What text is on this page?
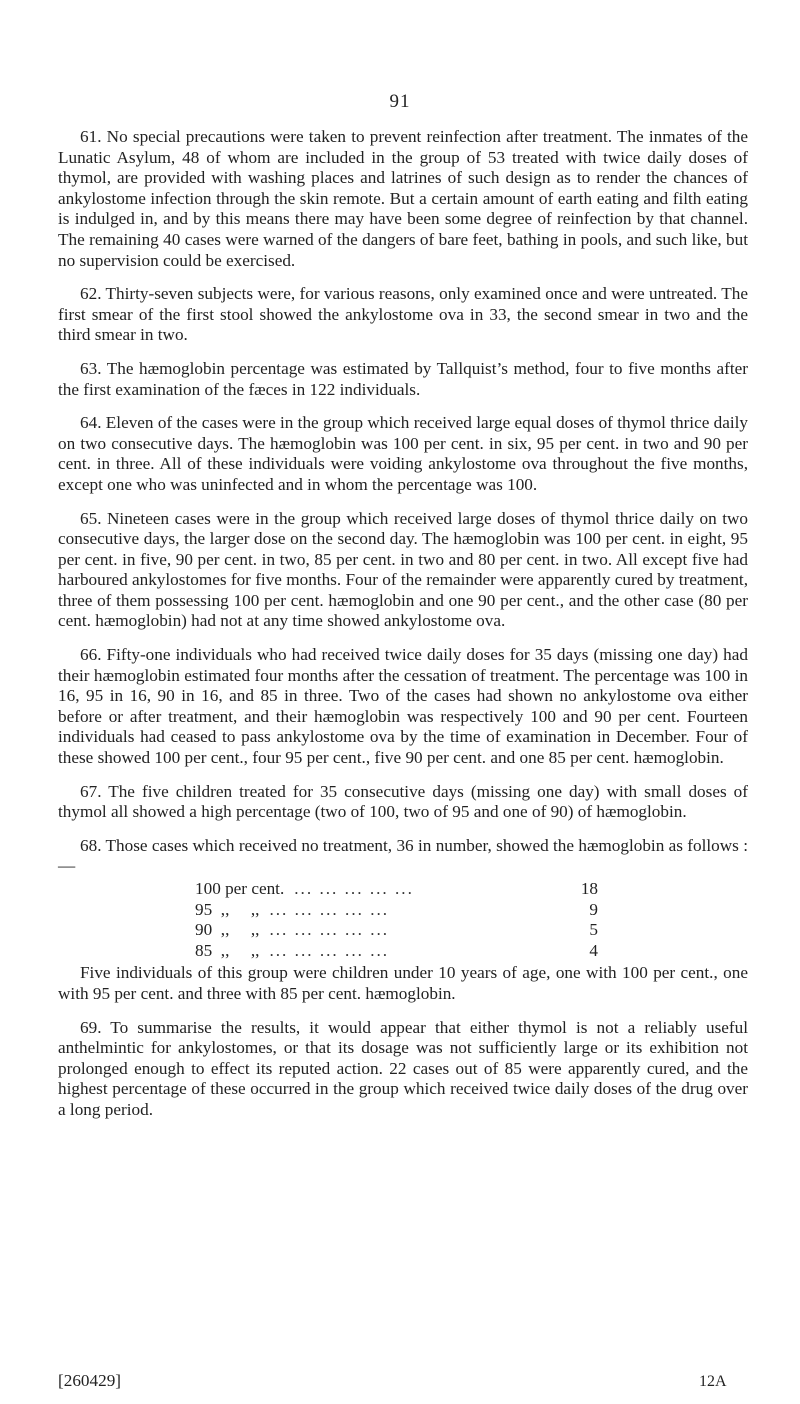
91

61. No special precautions were taken to prevent reinfection after treatment. The inmates of the Lunatic Asylum, 48 of whom are included in the group of 53 treated with twice daily doses of thymol, are provided with washing places and latrines of such design as to render the chances of ankylostome infection through the skin remote. But a certain amount of earth eating and filth eating is indulged in, and by this means there may have been some degree of reinfection by that channel. The remaining 40 cases were warned of the dangers of bare feet, bathing in pools, and such like, but no supervision could be exercised.

62. Thirty-seven subjects were, for various reasons, only examined once and were untreated. The first smear of the first stool showed the ankylostome ova in 33, the second smear in two and the third smear in two.

63. The hæmoglobin percentage was estimated by Tallquist’s method, four to five months after the first examination of the fæces in 122 individuals.

64. Eleven of the cases were in the group which received large equal doses of thymol thrice daily on two consecutive days. The hæmoglobin was 100 per cent. in six, 95 per cent. in two and 90 per cent. in three. All of these individuals were voiding ankylostome ova throughout the five months, except one who was uninfected and in whom the percentage was 100.

65. Nineteen cases were in the group which received large doses of thymol thrice daily on two consecutive days, the larger dose on the second day. The hæmoglobin was 100 per cent. in eight, 95 per cent. in five, 90 per cent. in two, 85 per cent. in two and 80 per cent. in two. All except five had harboured ankylostomes for five months. Four of the remainder were apparently cured by treatment, three of them possessing 100 per cent. hæmoglobin and one 90 per cent., and the other case (80 per cent. hæmoglobin) had not at any time showed ankylostome ova.

66. Fifty-one individuals who had received twice daily doses for 35 days (missing one day) had their hæmoglobin estimated four months after the cessation of treatment. The percentage was 100 in 16, 95 in 16, 90 in 16, and 85 in three. Two of the cases had shown no ankylostome ova either before or after treatment, and their hæmoglobin was respectively 100 and 90 per cent. Fourteen individuals had ceased to pass ankylostome ova by the time of examination in December. Four of these showed 100 per cent., four 95 per cent., five 90 per cent. and one 85 per cent. hæmoglobin.

67. The five children treated for 35 consecutive days (missing one day) with small doses of thymol all showed a high percentage (two of 100, two of 95 and one of 90) of hæmoglobin.

68. Those cases which received no treatment, 36 in number, showed the hæmoglobin as follows :—

100 per cent. ... ... ... ... ...	18
95  ,,     ,, ... ... ... ... ...	9
90  ,,     ,, ... ... ... ... ...	5
85  ,,     ,, ... ... ... ... ...	4

Five individuals of this group were children under 10 years of age, one with 100 per cent., one with 95 per cent. and three with 85 per cent. hæmoglobin.

69. To summarise the results, it would appear that either thymol is not a reliably useful anthelmintic for ankylostomes, or that its dosage was not sufficiently large or its exhibition not prolonged enough to effect its reputed action. 22 cases out of 85 were apparently cured, and the highest percentage of these occurred in the group which received twice daily doses of the drug over a long period.

[260429]	12A
